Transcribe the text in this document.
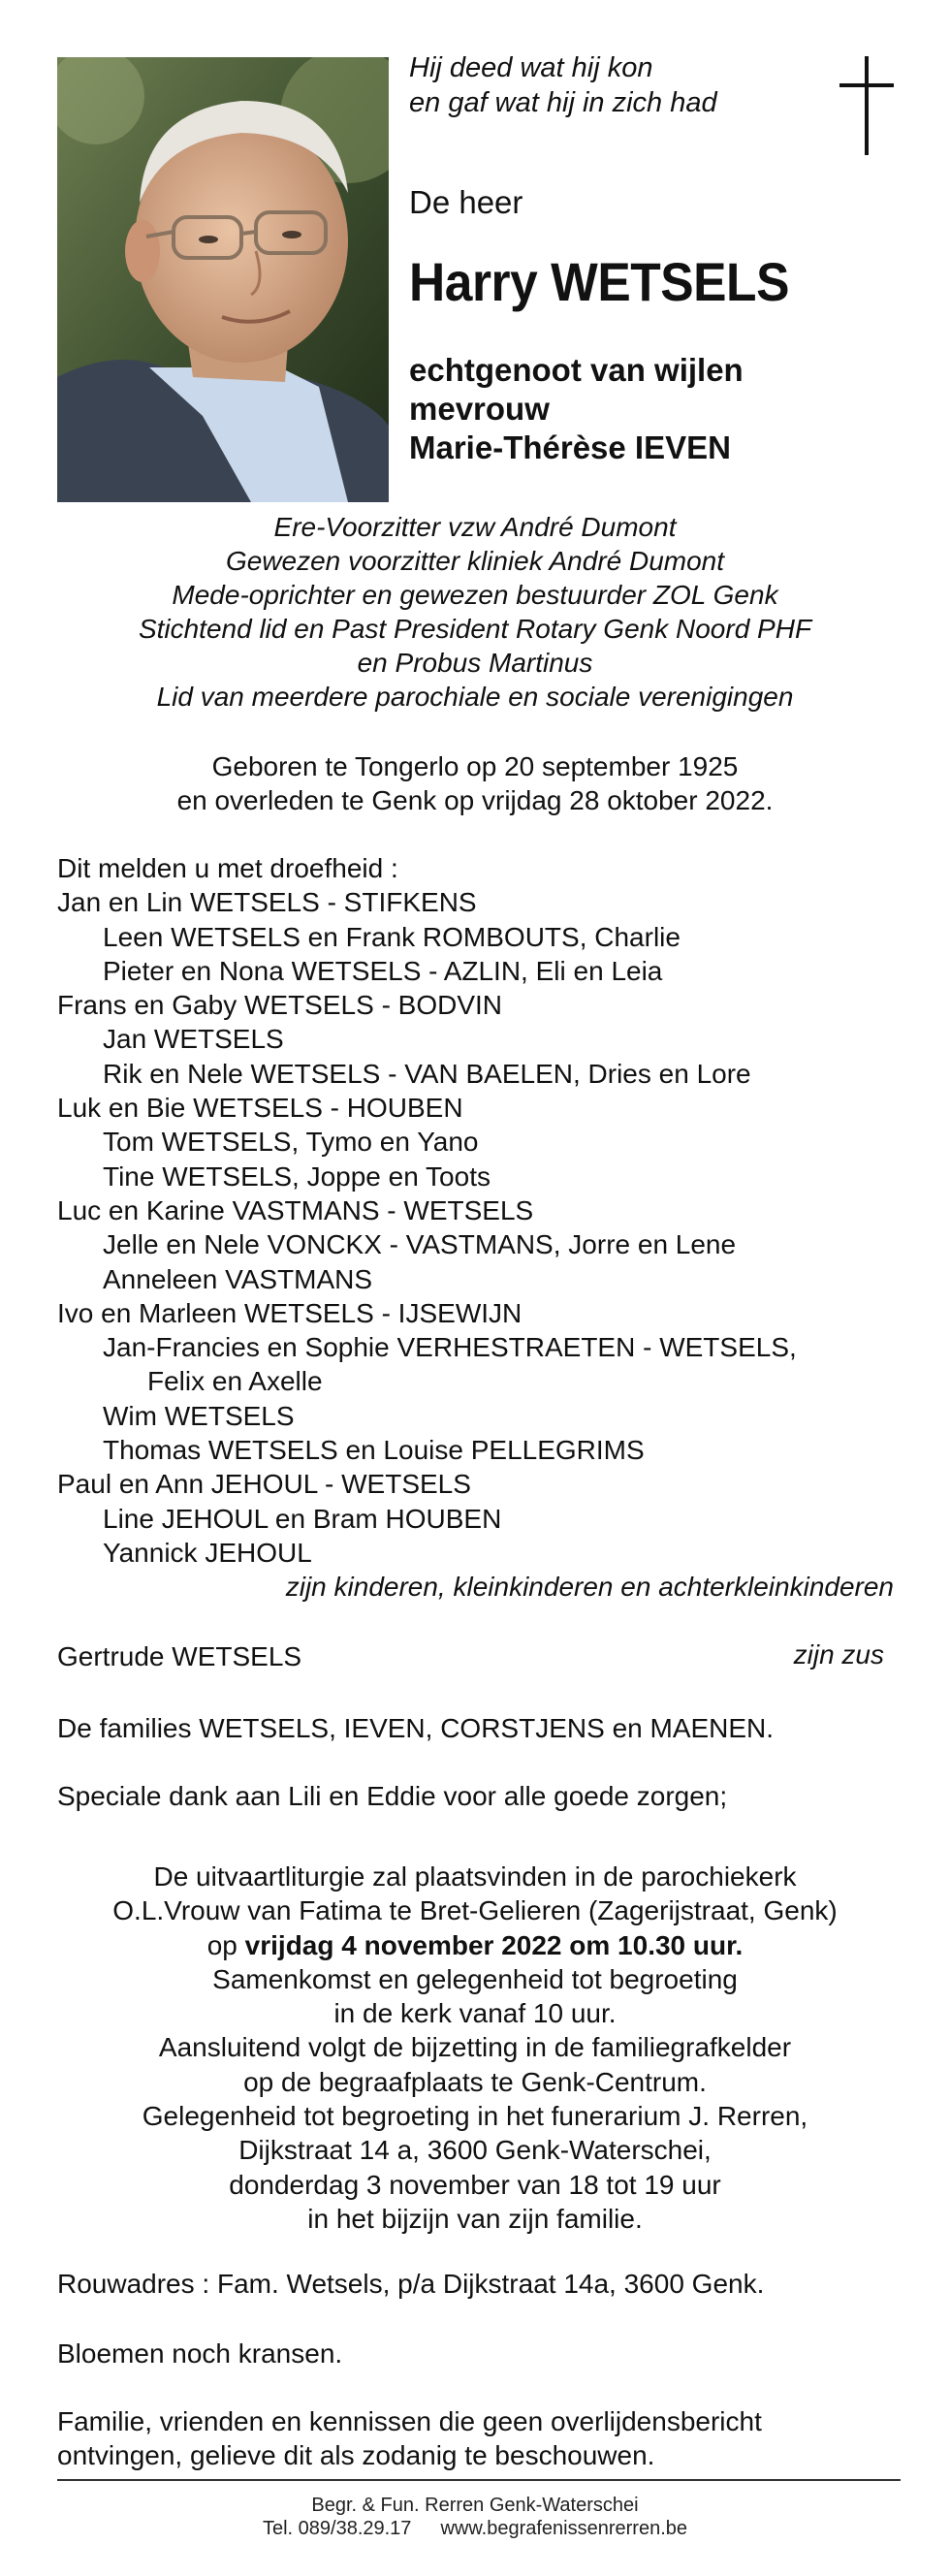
Hij deed wat hij kon
en gaf wat hij in zich had
De heer
Harry WETSELS
echtgenoot van wijlen
mevrouw
Marie-Thérèse IEVEN
Ere-Voorzitter vzw André Dumont
Gewezen voorzitter kliniek André Dumont
Mede-oprichter en gewezen bestuurder ZOL Genk
Stichtend lid en Past President Rotary Genk Noord PHF
en Probus Martinus
Lid van meerdere parochiale en sociale verenigingen
Geboren te Tongerlo op 20 september 1925
en overleden te Genk op vrijdag 28 oktober 2022.
Dit melden u met droefheid :
Jan en Lin WETSELS - STIFKENS
Leen WETSELS en Frank ROMBOUTS, Charlie
Pieter en Nona WETSELS - AZLIN, Eli en Leia
Frans en Gaby WETSELS - BODVIN
Jan WETSELS
Rik en Nele WETSELS - VAN BAELEN, Dries en Lore
Luk en Bie WETSELS - HOUBEN
Tom WETSELS, Tymo en Yano
Tine WETSELS, Joppe en Toots
Luc en Karine VASTMANS - WETSELS
Jelle en Nele VONCKX - VASTMANS, Jorre en Lene
Anneleen VASTMANS
Ivo en Marleen WETSELS - IJSEWIJN
Jan-Francies en Sophie VERHESTRAETEN - WETSELS,
Felix en Axelle
Wim WETSELS
Thomas WETSELS en Louise PELLEGRIMS
Paul en Ann JEHOUL - WETSELS
Line JEHOUL en Bram HOUBEN
Yannick JEHOUL
zijn kinderen, kleinkinderen en achterkleinkinderen
Gertrude WETSELS	zijn zus
De families WETSELS, IEVEN, CORSTJENS en MAENEN.
Speciale dank aan Lili en Eddie voor alle goede zorgen;
De uitvaartliturgie zal plaatsvinden in de parochiekerk
O.L.Vrouw van Fatima te Bret-Gelieren (Zagerijstraat, Genk)
op vrijdag 4 november 2022 om 10.30 uur.
Samenkomst en gelegenheid tot begroeting
in de kerk vanaf 10 uur.
Aansluitend volgt de bijzetting in de familiegrafkelder
op de begraafplaats te Genk-Centrum.
Gelegenheid tot begroeting in het funerarium J. Rerren,
Dijkstraat 14 a, 3600 Genk-Waterschei,
donderdag 3 november van 18 tot 19 uur
in het bijzijn van zijn familie.
Rouwadres : Fam. Wetsels, p/a Dijkstraat 14a, 3600 Genk.
Bloemen noch kransen.
Familie, vrienden en kennissen die geen overlijdensbericht
ontvingen, gelieve dit als zodanig te beschouwen.
Begr. & Fun. Rerren Genk-Waterschei
Tel. 089/38.29.17 www.begrafenissenrerren.be
